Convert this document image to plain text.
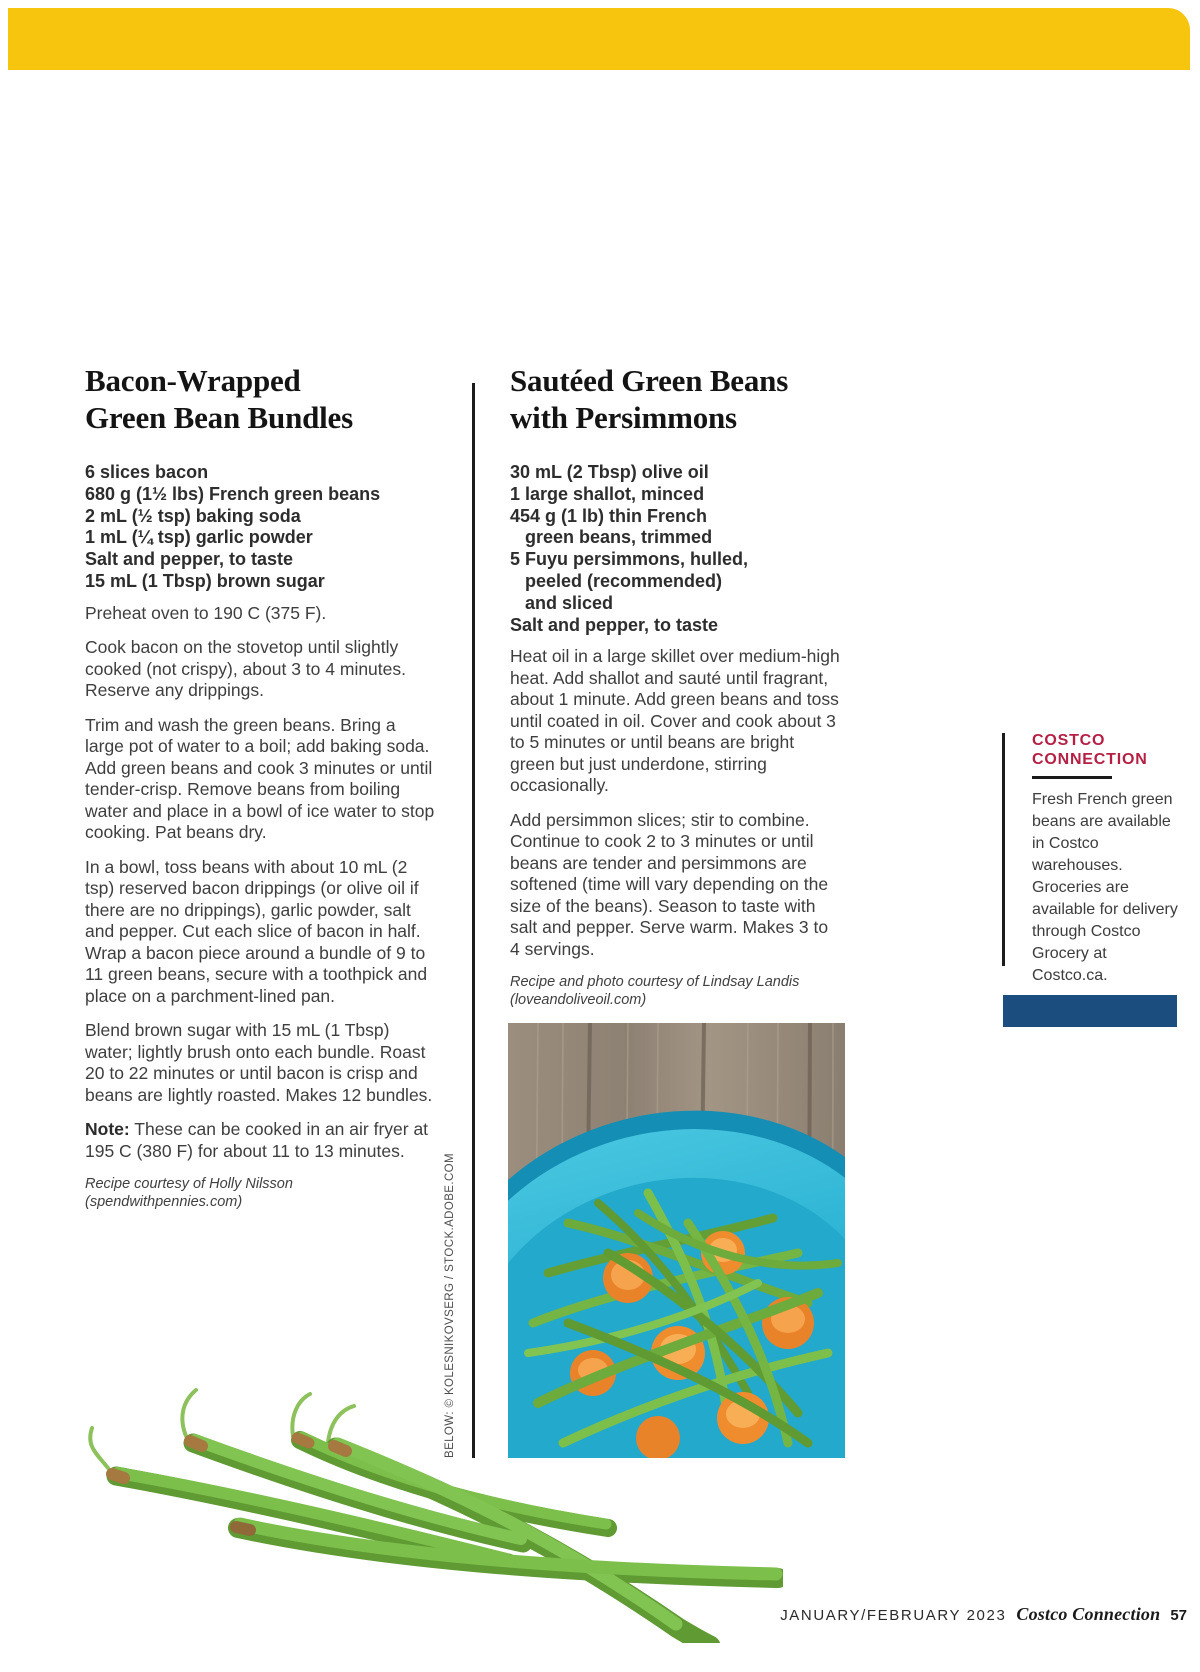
Bacon-Wrapped
Green Bean Bundles
6 slices bacon
680 g (1½ lbs) French green beans
2 mL (½ tsp) baking soda
1 mL (¼ tsp) garlic powder
Salt and pepper, to taste
15 mL (1 Tbsp) brown sugar

Preheat oven to 190 C (375 F).

Cook bacon on the stovetop until slightly cooked (not crispy), about 3 to 4 minutes. Reserve any drippings.

Trim and wash the green beans. Bring a large pot of water to a boil; add baking soda. Add green beans and cook 3 minutes or until tender-crisp. Remove beans from boiling water and place in a bowl of ice water to stop cooking. Pat beans dry.

In a bowl, toss beans with about 10 mL (2 tsp) reserved bacon drippings (or olive oil if there are no drippings), garlic powder, salt and pepper. Cut each slice of bacon in half. Wrap a bacon piece around a bundle of 9 to 11 green beans, secure with a toothpick and place on a parchment-lined pan.

Blend brown sugar with 15 mL (1 Tbsp) water; lightly brush onto each bundle. Roast 20 to 22 minutes or until bacon is crisp and beans are lightly roasted. Makes 12 bundles.

Note: These can be cooked in an air fryer at 195 C (380 F) for about 11 to 13 minutes.

Recipe courtesy of Holly Nilsson (spendwithpennies.com)
Sautéed Green Beans
with Persimmons
30 mL (2 Tbsp) olive oil
1 large shallot, minced
454 g (1 lb) thin French
green beans, trimmed
5 Fuyu persimmons, hulled,
peeled (recommended)
and sliced
Salt and pepper, to taste

Heat oil in a large skillet over medium-high heat. Add shallot and sauté until fragrant, about 1 minute. Add green beans and toss until coated in oil. Cover and cook about 3 to 5 minutes or until beans are bright green but just underdone, stirring occasionally.

Add persimmon slices; stir to combine. Continue to cook 2 to 3 minutes or until beans are tender and persimmons are softened (time will vary depending on the size of the beans). Season to taste with salt and pepper. Serve warm. Makes 3 to 4 servings.

Recipe and photo courtesy of Lindsay Landis (loveandoliveoil.com)
BELOW: © KOLESNIKOVSERG / STOCK.ADOBE.COM
COSTCO
CONNECTION
Fresh French green beans are available in Costco warehouses. Groceries are available for delivery through Costco Grocery at Costco.ca.
JANUARY/FEBRUARY 2023 Costco Connection 57
